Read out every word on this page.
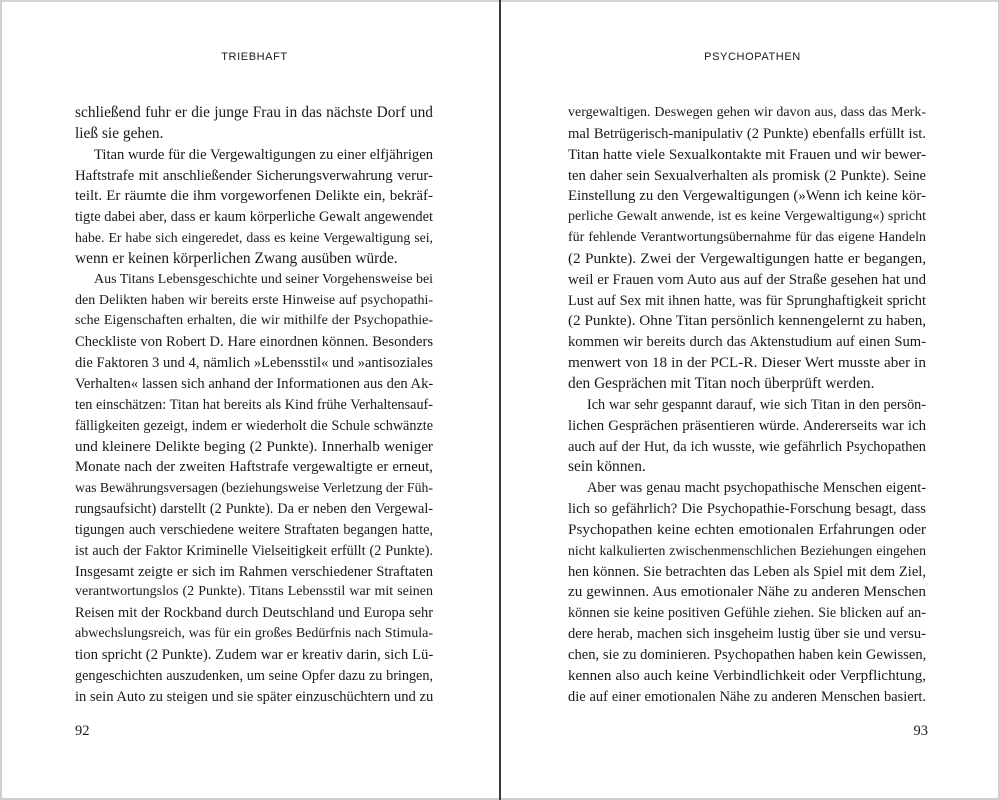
TRIEBHAFT
schließend fuhr er die junge Frau in das nächste Dorf und
ließ sie gehen.
Titan wurde für die Vergewaltigungen zu einer elfjährigen
Haftstrafe mit anschließender Sicherungsverwahrung verur-
teilt. Er räumte die ihm vorgeworfenen Delikte ein, bekräf-
tigte dabei aber, dass er kaum körperliche Gewalt angewendet
habe. Er habe sich eingeredet, dass es keine Vergewaltigung sei,
wenn er keinen körperlichen Zwang ausüben würde.
Aus Titans Lebensgeschichte und seiner Vorgehensweise bei
den Delikten haben wir bereits erste Hinweise auf psychopathi-
sche Eigenschaften erhalten, die wir mithilfe der Psychopathie-
Checkliste von Robert D. Hare einordnen können. Besonders
die Faktoren 3 und 4, nämlich »Lebensstil« und »antisoziales
Verhalten« lassen sich anhand der Informationen aus den Ak-
ten einschätzen: Titan hat bereits als Kind frühe Verhaltensauf-
fälligkeiten gezeigt, indem er wiederholt die Schule schwänzte
und kleinere Delikte beging (2 Punkte). Innerhalb weniger
Monate nach der zweiten Haftstrafe vergewaltigte er erneut,
was Bewährungsversagen (beziehungsweise Verletzung der Füh-
rungsaufsicht) darstellt (2 Punkte). Da er neben den Vergewal-
tigungen auch verschiedene weitere Straftaten begangen hatte,
ist auch der Faktor Kriminelle Vielseitigkeit erfüllt (2 Punkte).
Insgesamt zeigte er sich im Rahmen verschiedener Straftaten
verantwortungslos (2 Punkte). Titans Lebensstil war mit seinen
Reisen mit der Rockband durch Deutschland und Europa sehr
abwechslungsreich, was für ein großes Bedürfnis nach Stimula-
tion spricht (2 Punkte). Zudem war er kreativ darin, sich Lü-
gengeschichten auszudenken, um seine Opfer dazu zu bringen,
in sein Auto zu steigen und sie später einzuschüchtern und zu
92
PSYCHOPATHEN
vergewaltigen. Deswegen gehen wir davon aus, dass das Merk-
mal Betrügerisch-manipulativ (2 Punkte) ebenfalls erfüllt ist.
Titan hatte viele Sexualkontakte mit Frauen und wir bewer-
ten daher sein Sexualverhalten als promisk (2 Punkte). Seine
Einstellung zu den Vergewaltigungen (»Wenn ich keine kör-
perliche Gewalt anwende, ist es keine Vergewaltigung«) spricht
für fehlende Verantwortungsübernahme für das eigene Handeln
(2 Punkte). Zwei der Vergewaltigungen hatte er begangen,
weil er Frauen vom Auto aus auf der Straße gesehen hat und
Lust auf Sex mit ihnen hatte, was für Sprunghaftigkeit spricht
(2 Punkte). Ohne Titan persönlich kennengelernt zu haben,
kommen wir bereits durch das Aktenstudium auf einen Sum-
menwert von 18 in der PCL-R. Dieser Wert musste aber in
den Gesprächen mit Titan noch überprüft werden.
Ich war sehr gespannt darauf, wie sich Titan in den persön-
lichen Gesprächen präsentieren würde. Andererseits war ich
auch auf der Hut, da ich wusste, wie gefährlich Psychopathen
sein können.
Aber was genau macht psychopathische Menschen eigent-
lich so gefährlich? Die Psychopathie-Forschung besagt, dass
Psychopathen keine echten emotionalen Erfahrungen oder
nicht kalkulierten zwischenmenschlichen Beziehungen eingehen
hen können. Sie betrachten das Leben als Spiel mit dem Ziel,
zu gewinnen. Aus emotionaler Nähe zu anderen Menschen
können sie keine positiven Gefühle ziehen. Sie blicken auf an-
dere herab, machen sich insgeheim lustig über sie und versu-
chen, sie zu dominieren. Psychopathen haben kein Gewissen,
kennen also auch keine Verbindlichkeit oder Verpflichtung,
die auf einer emotionalen Nähe zu anderen Menschen basiert.
93
